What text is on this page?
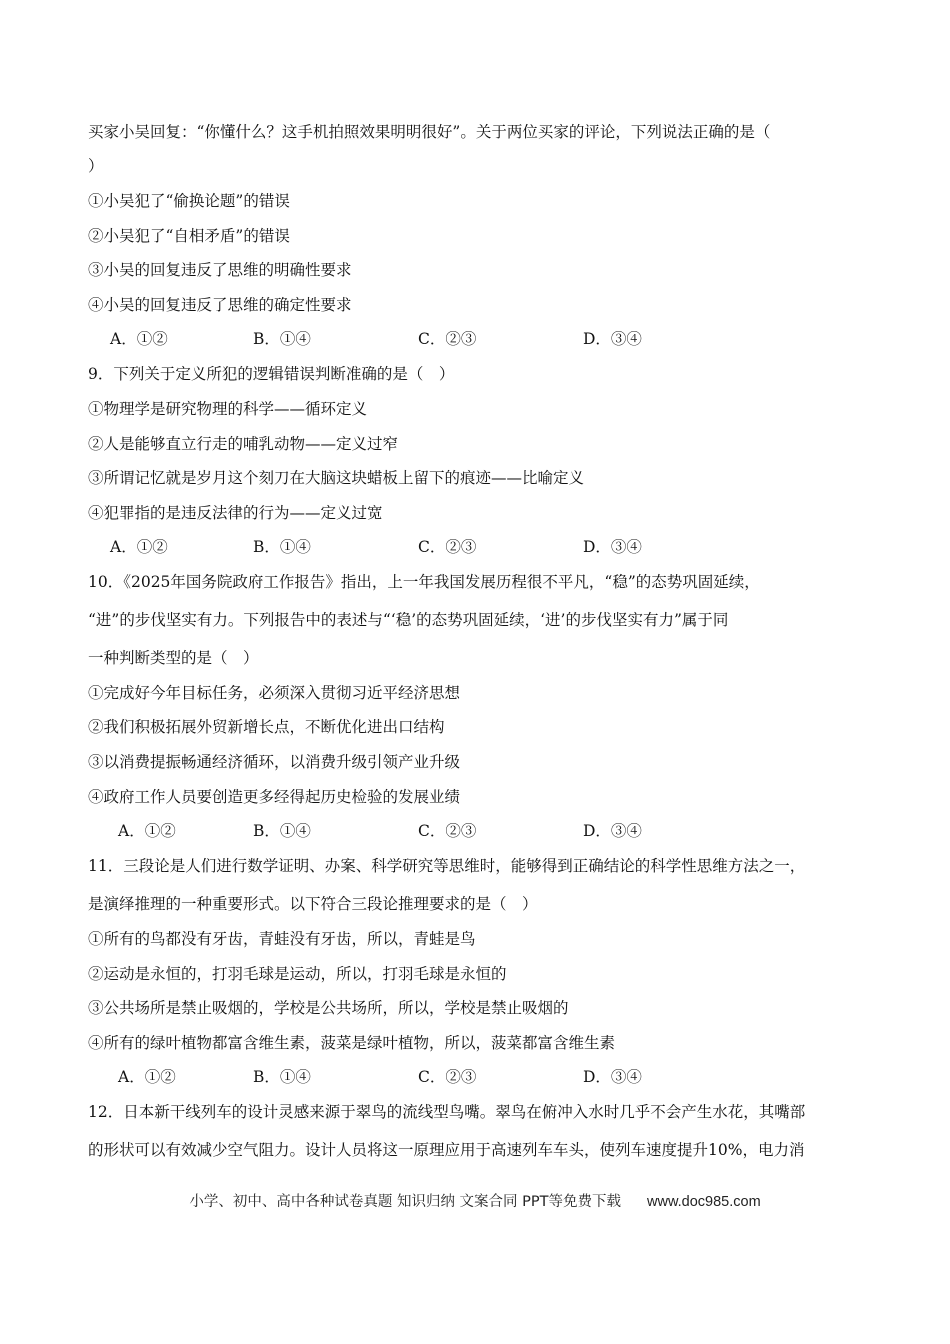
买家小吴回复：“你懂什么？这手机拍照效果明明很好”。关于两位买家的评论，下列说法正确的是（
）
①小吴犯了“偷换论题”的错误
②小吴犯了“自相矛盾”的错误
③小吴的回复违反了思维的明确性要求
④小吴的回复违反了思维的确定性要求
A．①②	B．①④	C．②③	D．③④
9．下列关于定义所犯的逻辑错误判断准确的是（　）
①物理学是研究物理的科学——循环定义
②人是能够直立行走的哺乳动物——定义过窄
③所谓记忆就是岁月这个刻刀在大脑这块蜡板上留下的痕迹——比喻定义
④犯罪指的是违反法律的行为——定义过宽
A．①②	B．①④	C．②③	D．③④
10．《2025年国务院政府工作报告》指出，上一年我国发展历程很不平凡，“稳”的态势巩固延续，
“进”的步伐坚实有力。下列报告中的表述与“‘稳’的态势巩固延续，‘进’的步伐坚实有力”属于同
一种判断类型的是（　）
①完成好今年目标任务，必须深入贯彻习近平经济思想
②我们积极拓展外贸新增长点，不断优化进出口结构
③以消费提振畅通经济循环，以消费升级引领产业升级
④政府工作人员要创造更多经得起历史检验的发展业绩
A．①②	B．①④	C．②③	D．③④
11．三段论是人们进行数学证明、办案、科学研究等思维时，能够得到正确结论的科学性思维方法之一，
是演绎推理的一种重要形式。以下符合三段论推理要求的是（　）
①所有的鸟都没有牙齿，青蛙没有牙齿，所以，青蛙是鸟
②运动是永恒的，打羽毛球是运动，所以，打羽毛球是永恒的
③公共场所是禁止吸烟的，学校是公共场所，所以，学校是禁止吸烟的
④所有的绿叶植物都富含维生素，菠菜是绿叶植物，所以，菠菜都富含维生素
A．①②	B．①④	C．②③	D．③④
12．日本新干线列车的设计灵感来源于翠鸟的流线型鸟嘴。翠鸟在俯冲入水时几乎不会产生水花，其嘴部
的形状可以有效减少空气阻力。设计人员将这一原理应用于高速列车车头，使列车速度提升10%，电力消
小学、初中、高中各种试卷真题 知识归纳 文案合同 PPT等免费下载 www.doc985.com
